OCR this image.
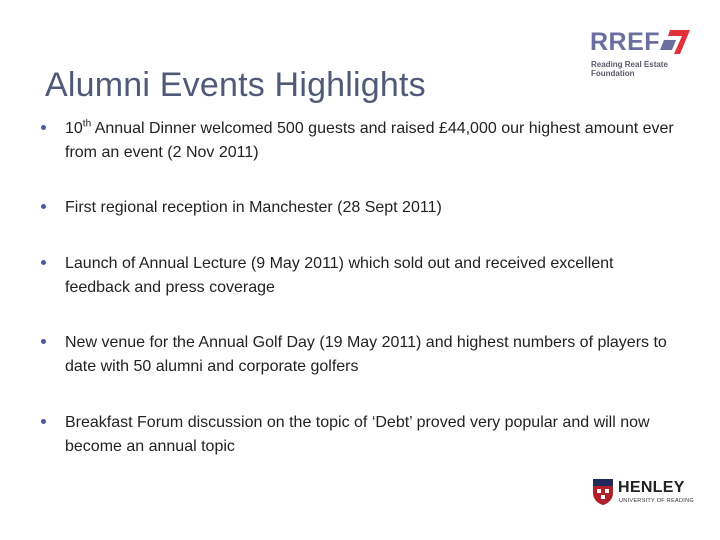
Alumni Events Highlights
RREF
Reading Real Estate
Foundation
10th Annual Dinner welcomed 500 guests and raised £44,000 our highest amount ever from an event (2 Nov 2011)
First regional reception in Manchester (28 Sept 2011)
Launch of Annual Lecture (9 May 2011) which sold out and received excellent feedback and press coverage
New venue for the Annual Golf Day (19 May 2011) and highest numbers of players to date with 50 alumni and corporate golfers
Breakfast Forum discussion on the topic of ‘Debt’ proved very popular and will now become an annual topic
HENLEY
UNIVERSITY OF READING
